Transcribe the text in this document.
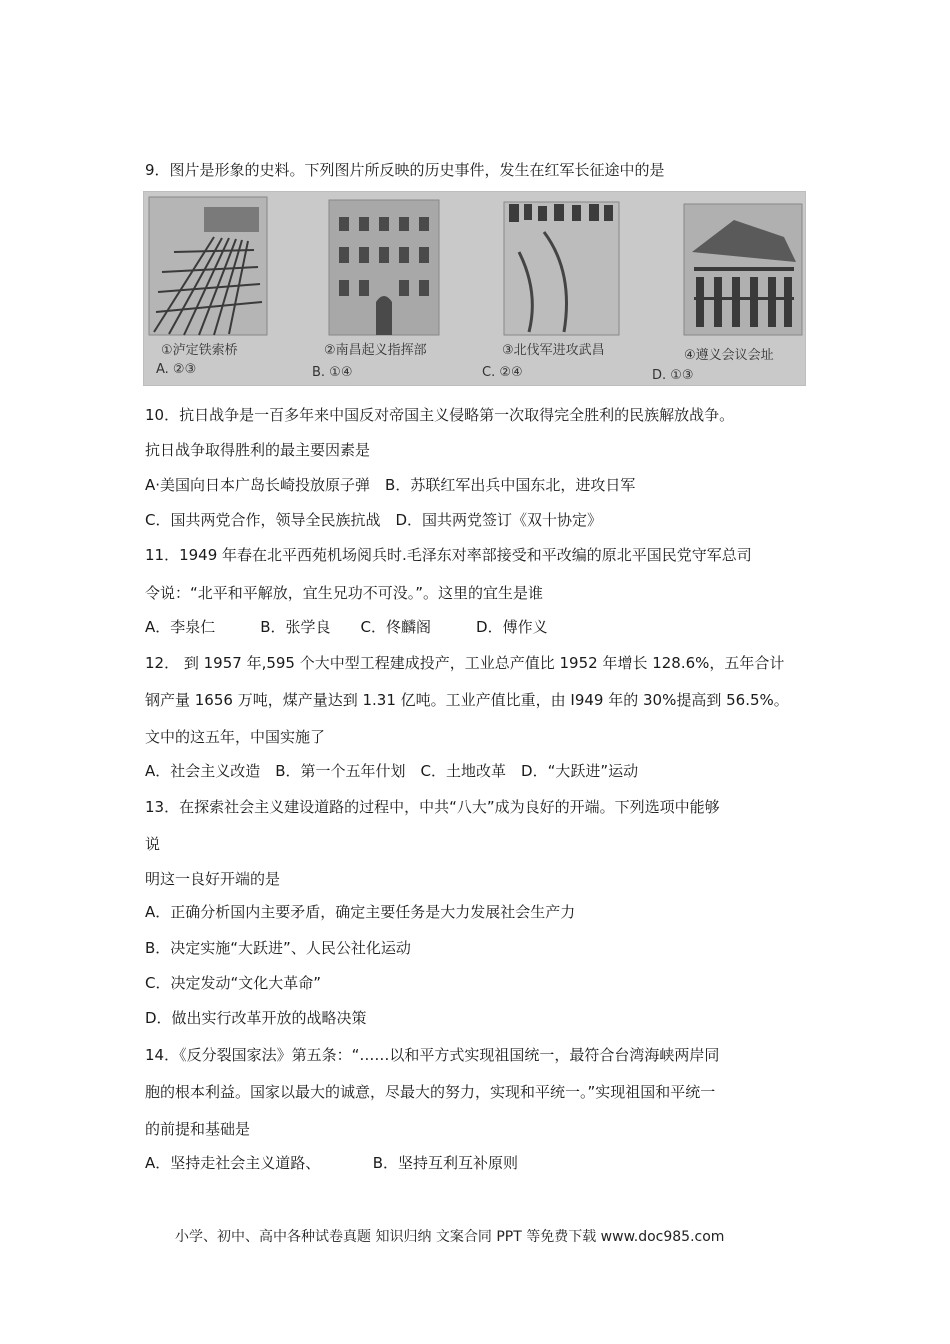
9．图片是形象的史料。下列图片所反映的历史事件，发生在红军长征途中的是
①泸定铁索桥	②南昌起义指挥部	③北伐军进攻武昌	④遵义会议会址
A. ②③	B. ①④	C. ②④	D. ①③
10．抗日战争是一百多年来中国反对帝国主义侵略第一次取得完全胜利的民族解放战争。
抗日战争取得胜利的最主要因素是
A·美国向日本广岛长崎投放原子弹　B．苏联红军出兵中国东北，进攻日军
C．国共两党合作，领导全民族抗战　D．国共两党签订《双十协定》
11．1949 年春在北平西苑机场阅兵时.毛泽东对率部接受和平改编的原北平国民党守军总司
令说：“北平和平解放，宜生兄功不可没。”。这里的宜生是谁
A．李泉仁　　　B．张学良　　C．佟麟阁　　　D．傅作义
12． 到 1957 年,595 个大中型工程建成投产，工业总产值比 1952 年增长 128.6%，五年合计
钢产量 1656 万吨，煤产量达到 1.31 亿吨。工业产值比重，由 I949 年的 30%提高到 56.5%。
文中的这五年，中国实施了
A．社会主义改造　B．第一个五年什划　C．土地改革　D．“大跃进”运动
13．在探索社会主义建设道路的过程中，中共“八大”成为良好的开端。下列选项中能够
说
明这一良好开端的是
A．正确分析国内主要矛盾，确定主要任务是大力发展社会生产力
B．决定实施“大跃进”、人民公社化运动
C．决定发动“文化大革命”
D．做出实行改革开放的战略决策
14．《反分裂国家法》第五条：“……以和平方式实现祖国统一，最符合台湾海峡两岸同
胞的根本利益。国家以最大的诚意，尽最大的努力，实现和平统一。”实现祖国和平统一
的前提和基础是
A．坚持走社会主义道路、　　　　B．坚持互利互补原则
小学、初中、高中各种试卷真题 知识归纳 文案合同 PPT 等免费下载 www.doc985.com
